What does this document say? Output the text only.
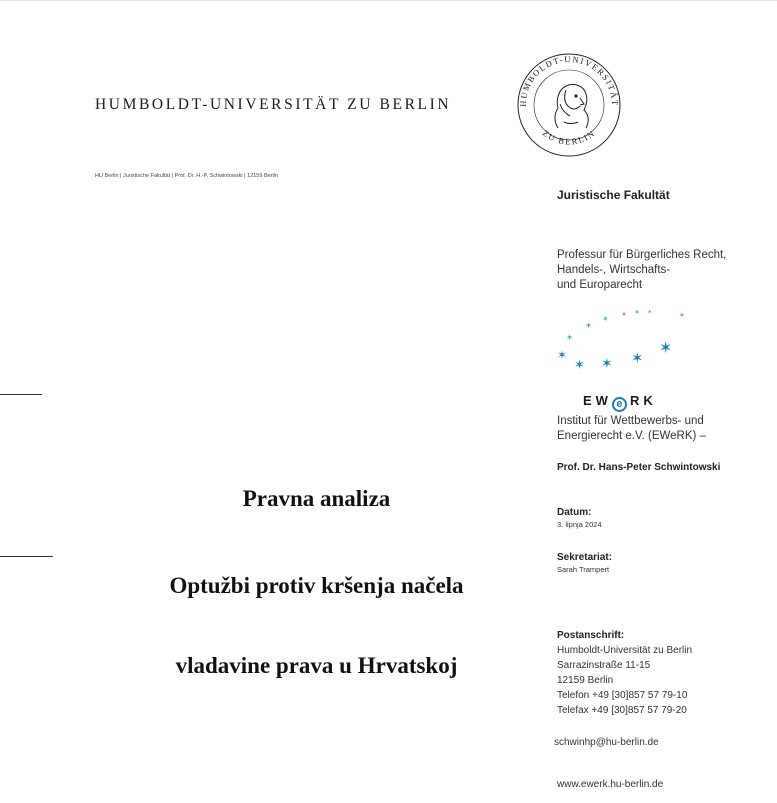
HUMBOLDT-UNIVERSITÄT ZU BERLIN	HUMBOLDT-UNIVERSITÄT
ZU BERLIN
HU Berlin | Juristische Fakultät | Prof. Dr. H.-P. Schwintowski | 12159 Berlin
Juristische Fakultät
Professur für Bürgerliches Recht,
Handels-, Wirtschafts-
und Europarecht
*
*
*
*
*
*
*
✶
✶ ✶ ✶
✶
EW e RK
Institut für Wettbewerbs- und
Energierecht e.V. (EWeRK) –
Prof. Dr. Hans-Peter Schwintowski
Datum:
3. lipnja 2024
Sekretariat:
Sarah Trampert
Postanschrift:
Humboldt-Universität zu Berlin
Sarrazinstraße 11-15
12159 Berlin
Telefon +49 [30]857 57 79-10
Telefax +49 [30]857 57 79-20
schwinhp@hu-berlin.de
www.ewerk.hu-berlin.de
Pravna analiza
Optužbi protiv kršenja načela
vladavine prava u Hrvatskoj
